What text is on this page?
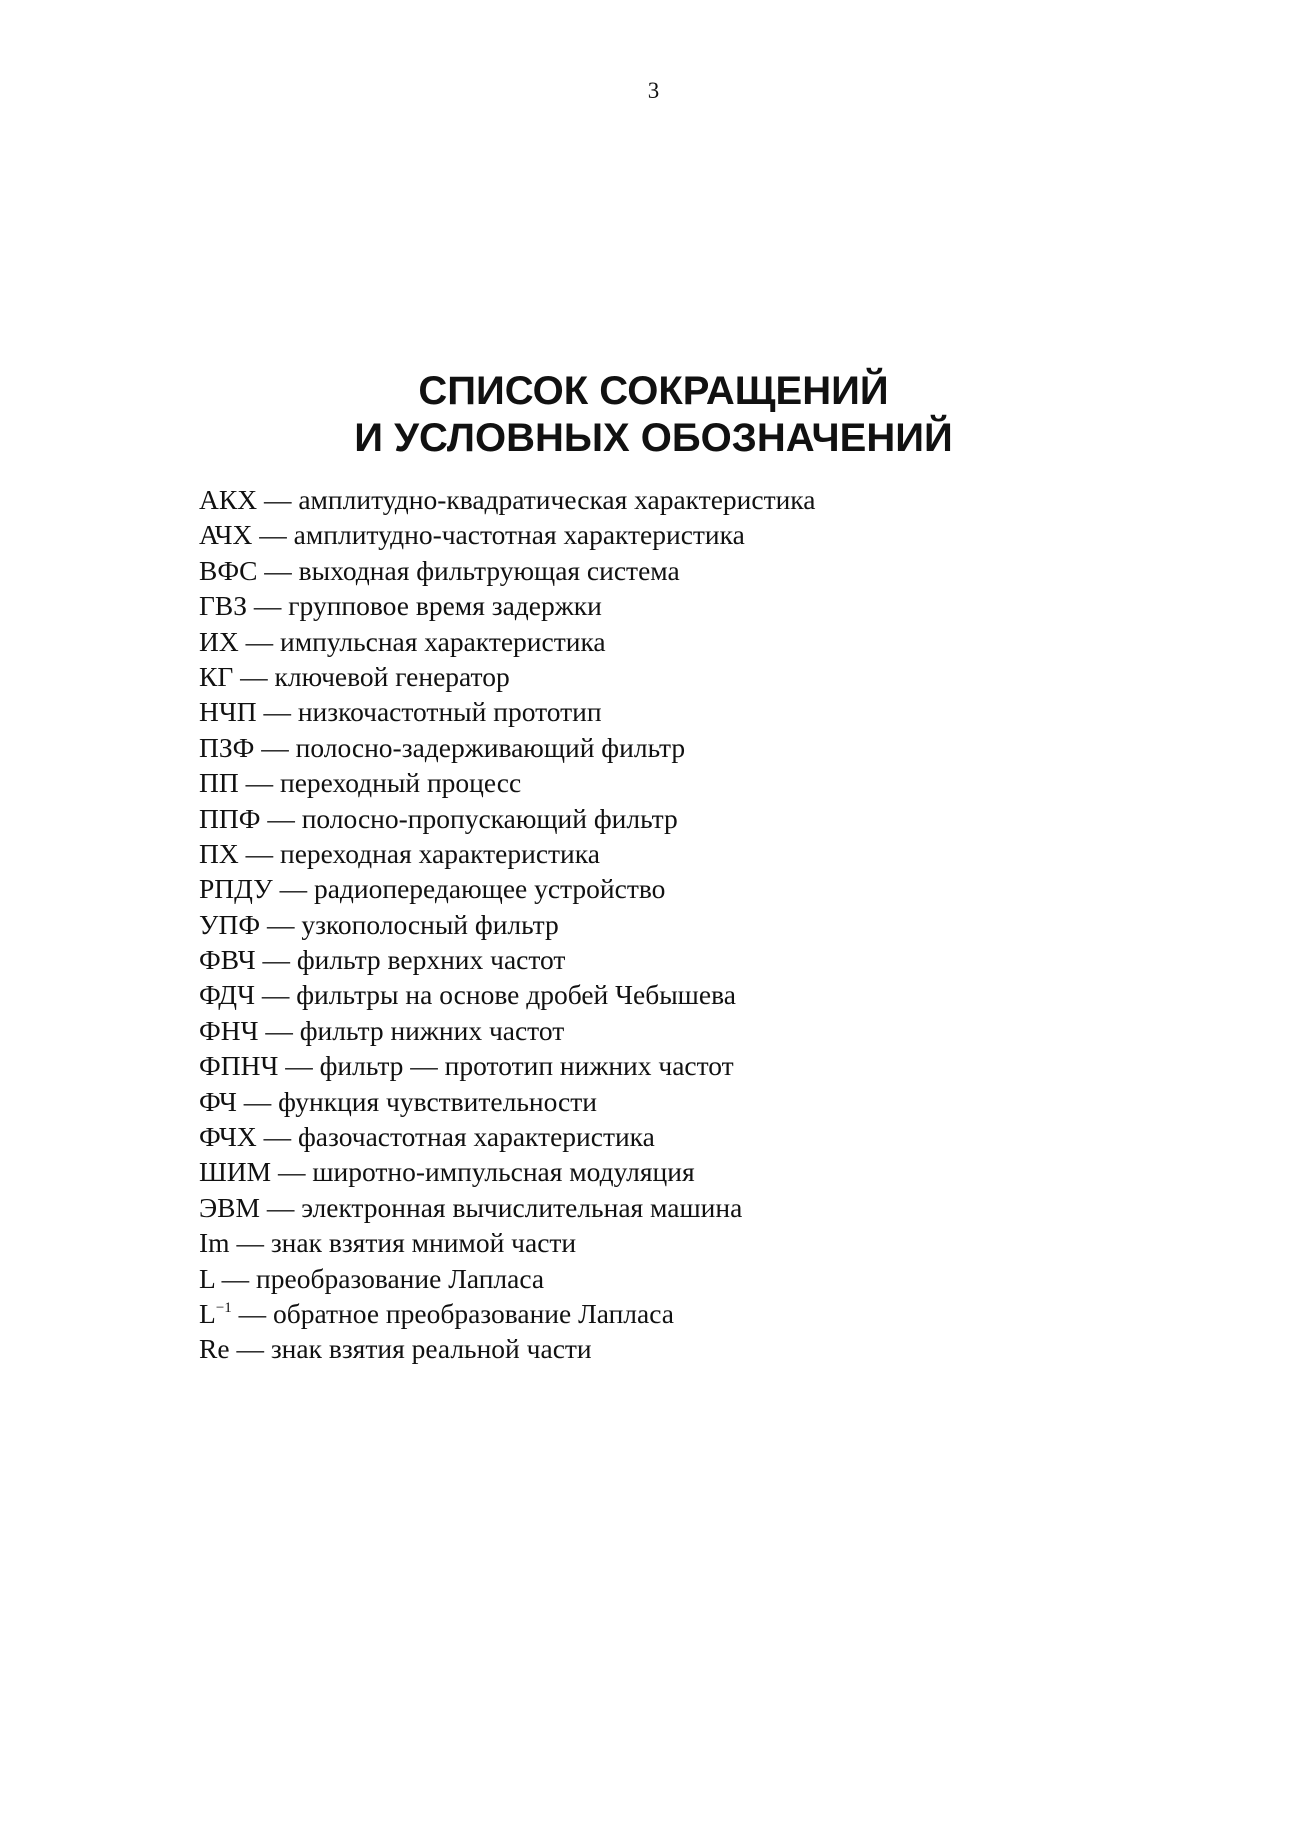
3
СПИСОК СОКРАЩЕНИЙ
И УСЛОВНЫХ ОБОЗНАЧЕНИЙ
АКХ — амплитудно-квадратическая характеристика
АЧХ — амплитудно-частотная характеристика
ВФС — выходная фильтрующая система
ГВЗ — групповое время задержки
ИХ — импульсная характеристика
КГ — ключевой генератор
НЧП — низкочастотный прототип
ПЗФ — полосно-задерживающий фильтр
ПП — переходный процесс
ППФ — полосно-пропускающий фильтр
ПХ — переходная характеристика
РПДУ — радиопередающее устройство
УПФ — узкополосный фильтр
ФВЧ — фильтр верхних частот
ФДЧ — фильтры на основе дробей Чебышева
ФНЧ — фильтр нижних частот
ФПНЧ — фильтр — прототип нижних частот
ФЧ — функция чувствительности
ФЧХ — фазочастотная характеристика
ШИМ — широтно-импульсная модуляция
ЭВМ — электронная вычислительная машина
Im — знак взятия мнимой части
L — преобразование Лапласа
$L^{-1}$ — обратное преобразование Лапласа
Re — знак взятия реальной части
